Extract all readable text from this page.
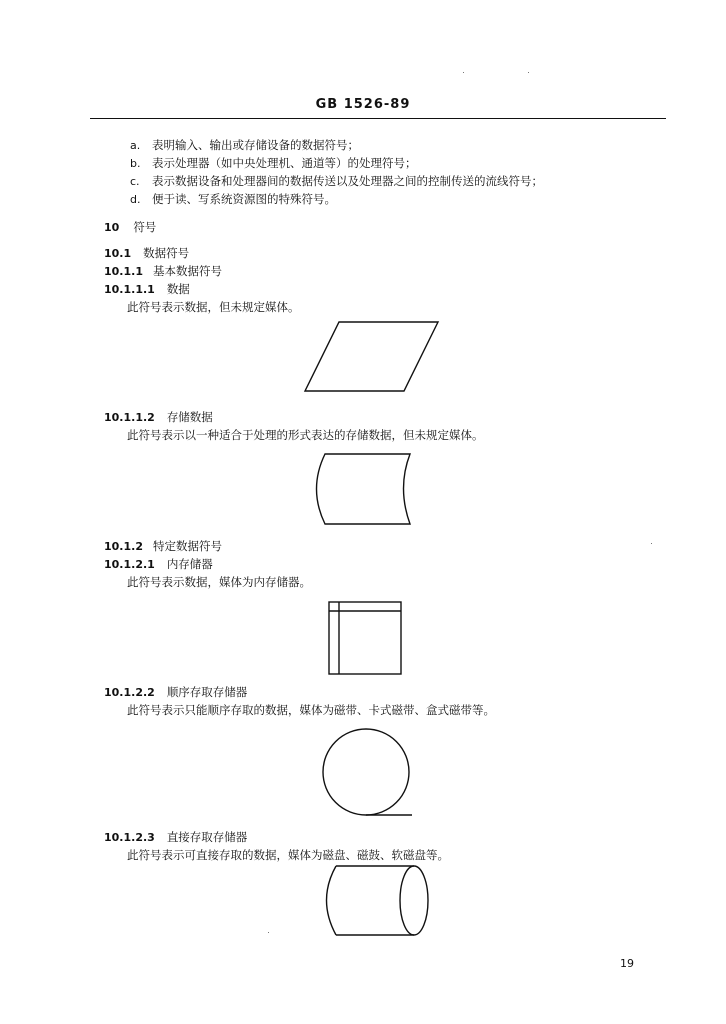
GB 1526-89
a. 表明输入、输出或存储设备的数据符号；
b. 表示处理器（如中央处理机、通道等）的处理符号；
c. 表示数据设备和处理器间的数据传送以及处理器之间的控制传送的流线符号；
d. 便于读、写系统资源图的特殊符号。
10 符号
10.1 数据符号
10.1.1 基本数据符号
10.1.1.1 数据
此符号表示数据，但未规定媒体。
10.1.1.2 存储数据
此符号表示以一种适合于处理的形式表达的存储数据，但未规定媒体。
10.1.2 特定数据符号
10.1.2.1 内存储器
此符号表示数据，媒体为内存储器。
10.1.2.2 顺序存取存储器
此符号表示只能顺序存取的数据，媒体为磁带、卡式磁带、盒式磁带等。
10.1.2.3 直接存取存储器
此符号表示可直接存取的数据，媒体为磁盘、磁鼓、软磁盘等。
19
